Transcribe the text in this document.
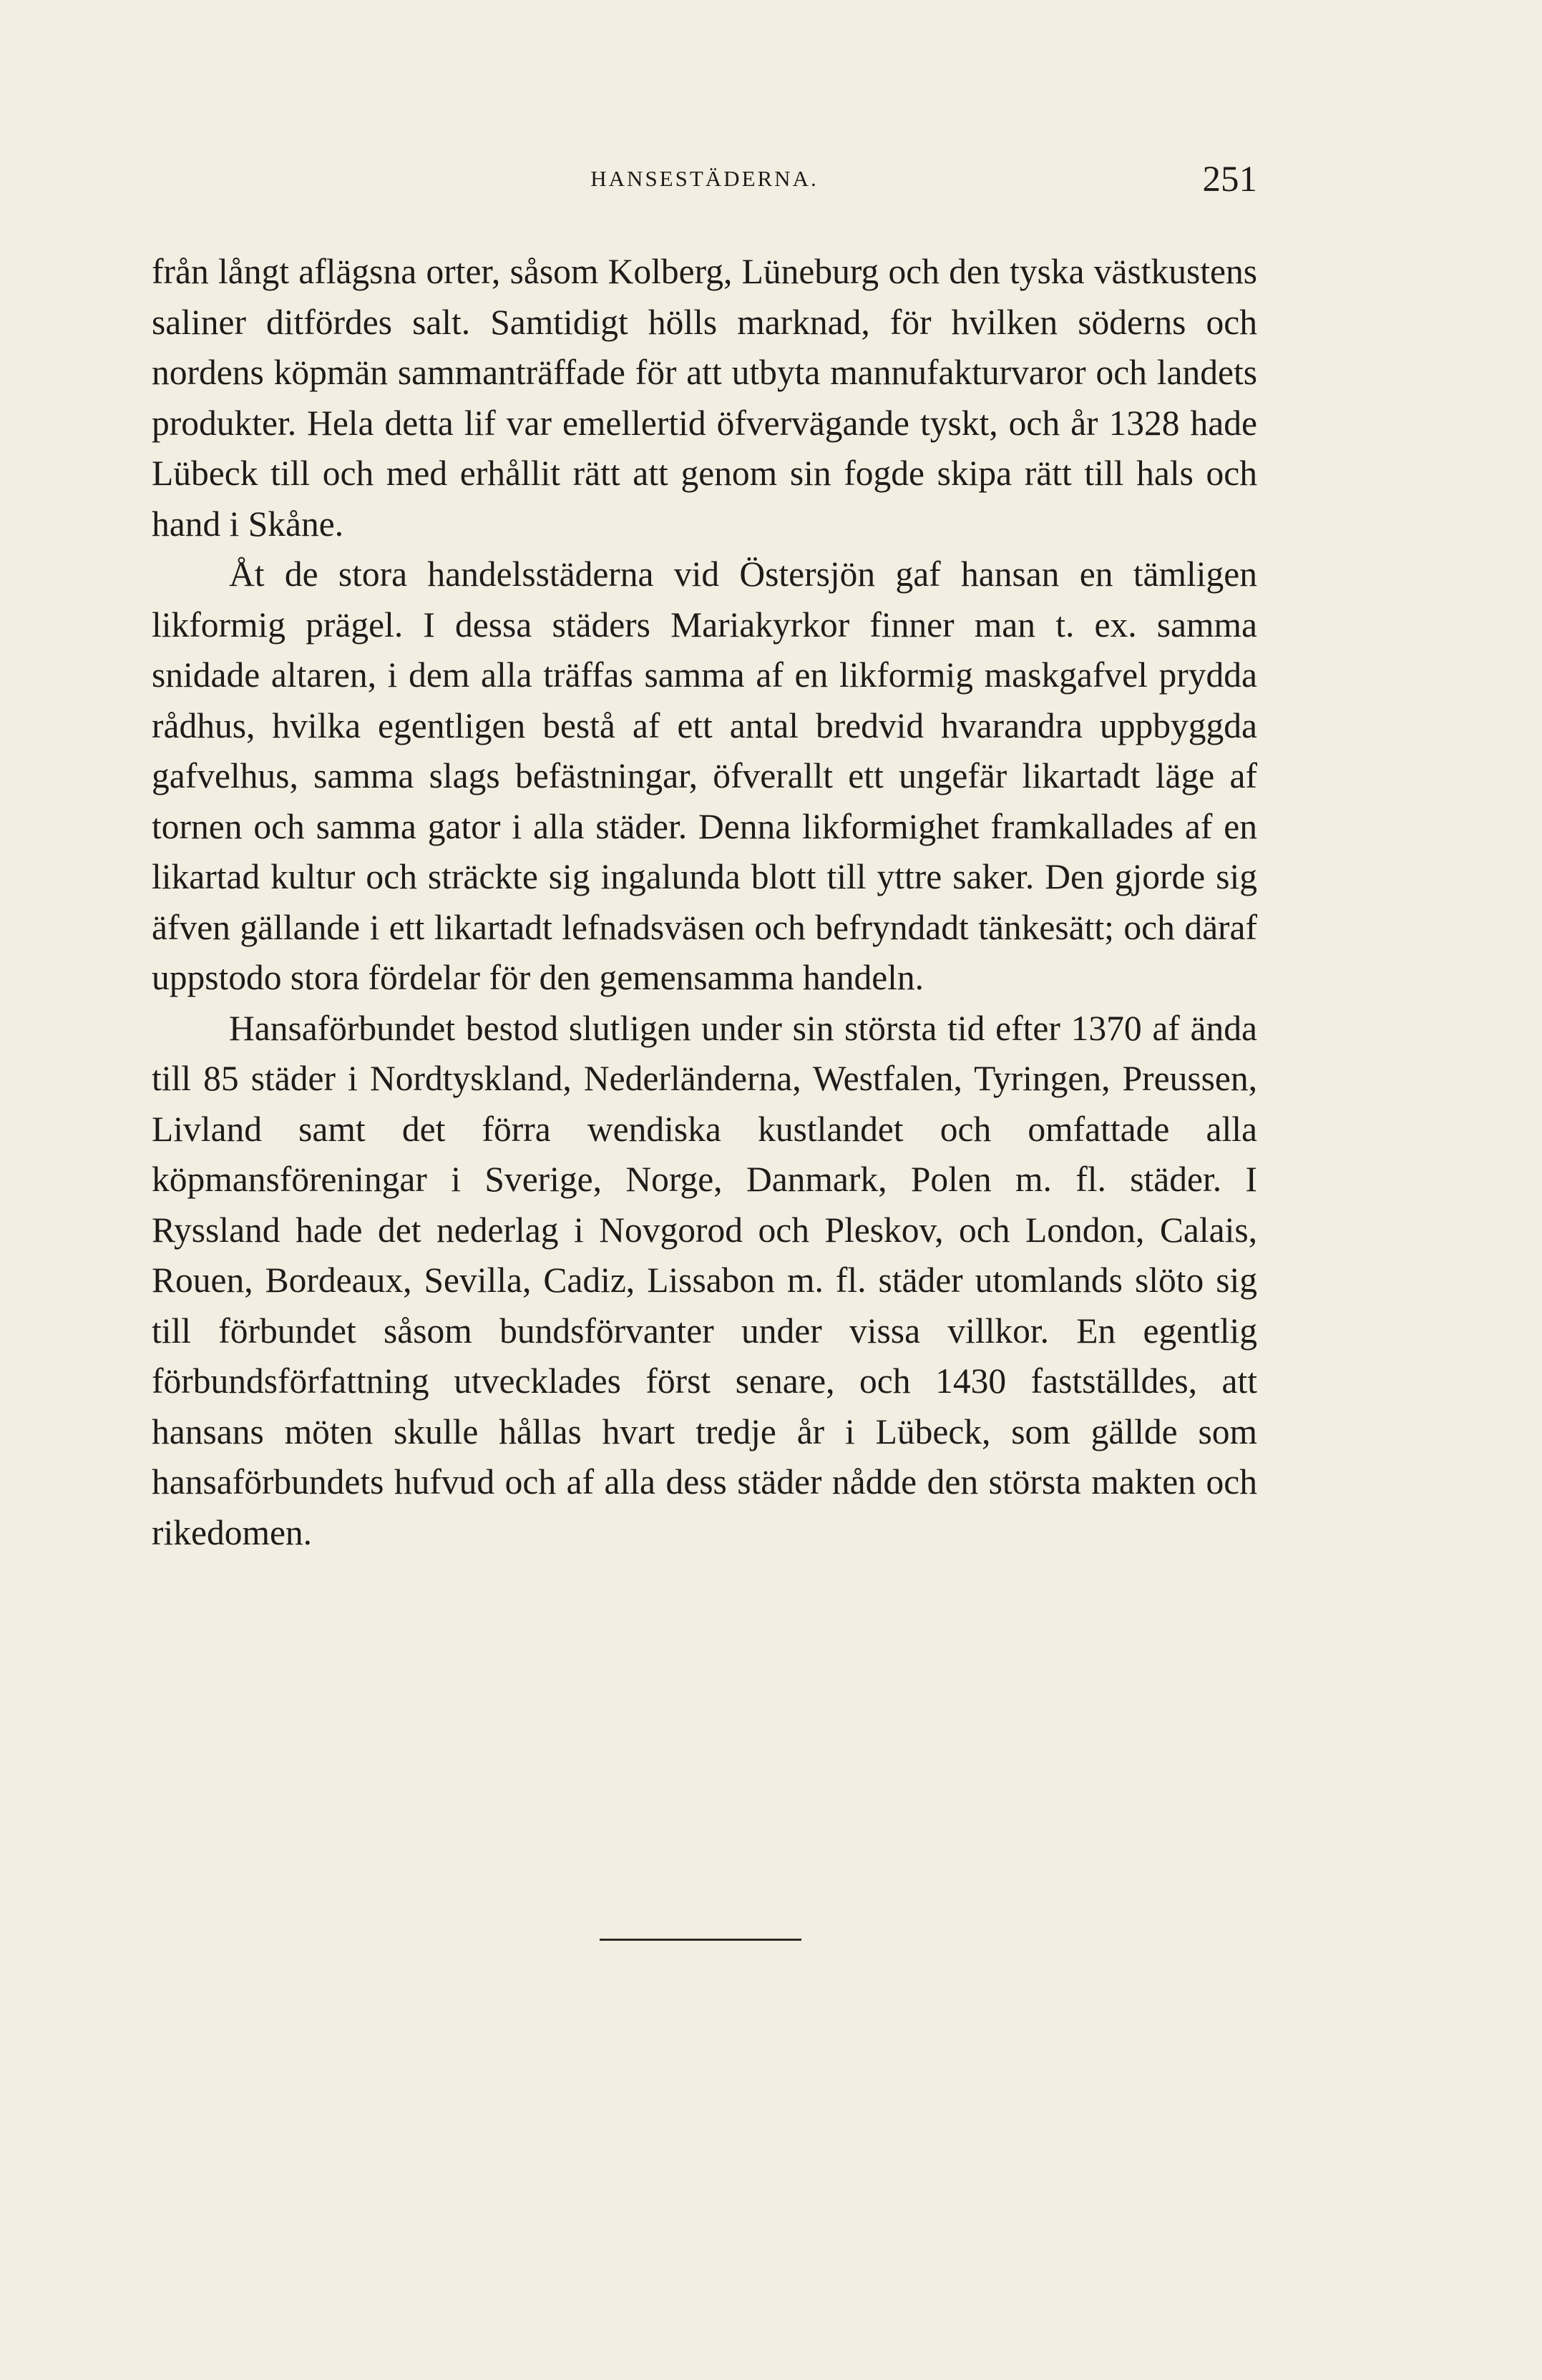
HANSESTÄDERNA.	251

från långt aflägsna orter, såsom Kolberg, Lüneburg och den tyska västkustens saliner ditfördes salt. Samtidigt hölls marknad, för hvilken söderns och nordens köpmän sammanträffade för att utbyta mannufakturvaror och landets produkter. Hela detta lif var emellertid öfvervägande tyskt, och år 1328 hade Lübeck till och med erhållit rätt att genom sin fogde skipa rätt till hals och hand i Skåne.

Åt de stora handelsstäderna vid Östersjön gaf hansan en tämligen likformig prägel. I dessa städers Mariakyrkor finner man t. ex. samma snidade altaren, i dem alla träffas samma af en likformig maskgafvel prydda rådhus, hvilka egentligen bestå af ett antal bredvid hvarandra uppbyggda gafvelhus, samma slags befästningar, öfverallt ett ungefär likartadt läge af tornen och samma gator i alla städer. Denna likformighet framkallades af en likartad kultur och sträckte sig ingalunda blott till yttre saker. Den gjorde sig äfven gällande i ett likartadt lefnadsväsen och befryndadt tänkesätt; och däraf uppstodo stora fördelar för den gemensamma handeln.

Hansaförbundet bestod slutligen under sin största tid efter 1370 af ända till 85 städer i Nordtyskland, Nederländerna, Westfalen, Tyringen, Preussen, Livland samt det förra wendiska kustlandet och omfattade alla köpmansföreningar i Sverige, Norge, Danmark, Polen m. fl. städer. I Ryssland hade det nederlag i Novgorod och Pleskov, och London, Calais, Rouen, Bordeaux, Sevilla, Cadiz, Lissabon m. fl. städer utomlands slöto sig till förbundet såsom bundsförvanter under vissa villkor. En egentlig förbundsförfattning utvecklades först senare, och 1430 fastställdes, att hansans möten skulle hållas hvart tredje år i Lübeck, som gällde som hansaförbundets hufvud och af alla dess städer nådde den största makten och rikedomen.
